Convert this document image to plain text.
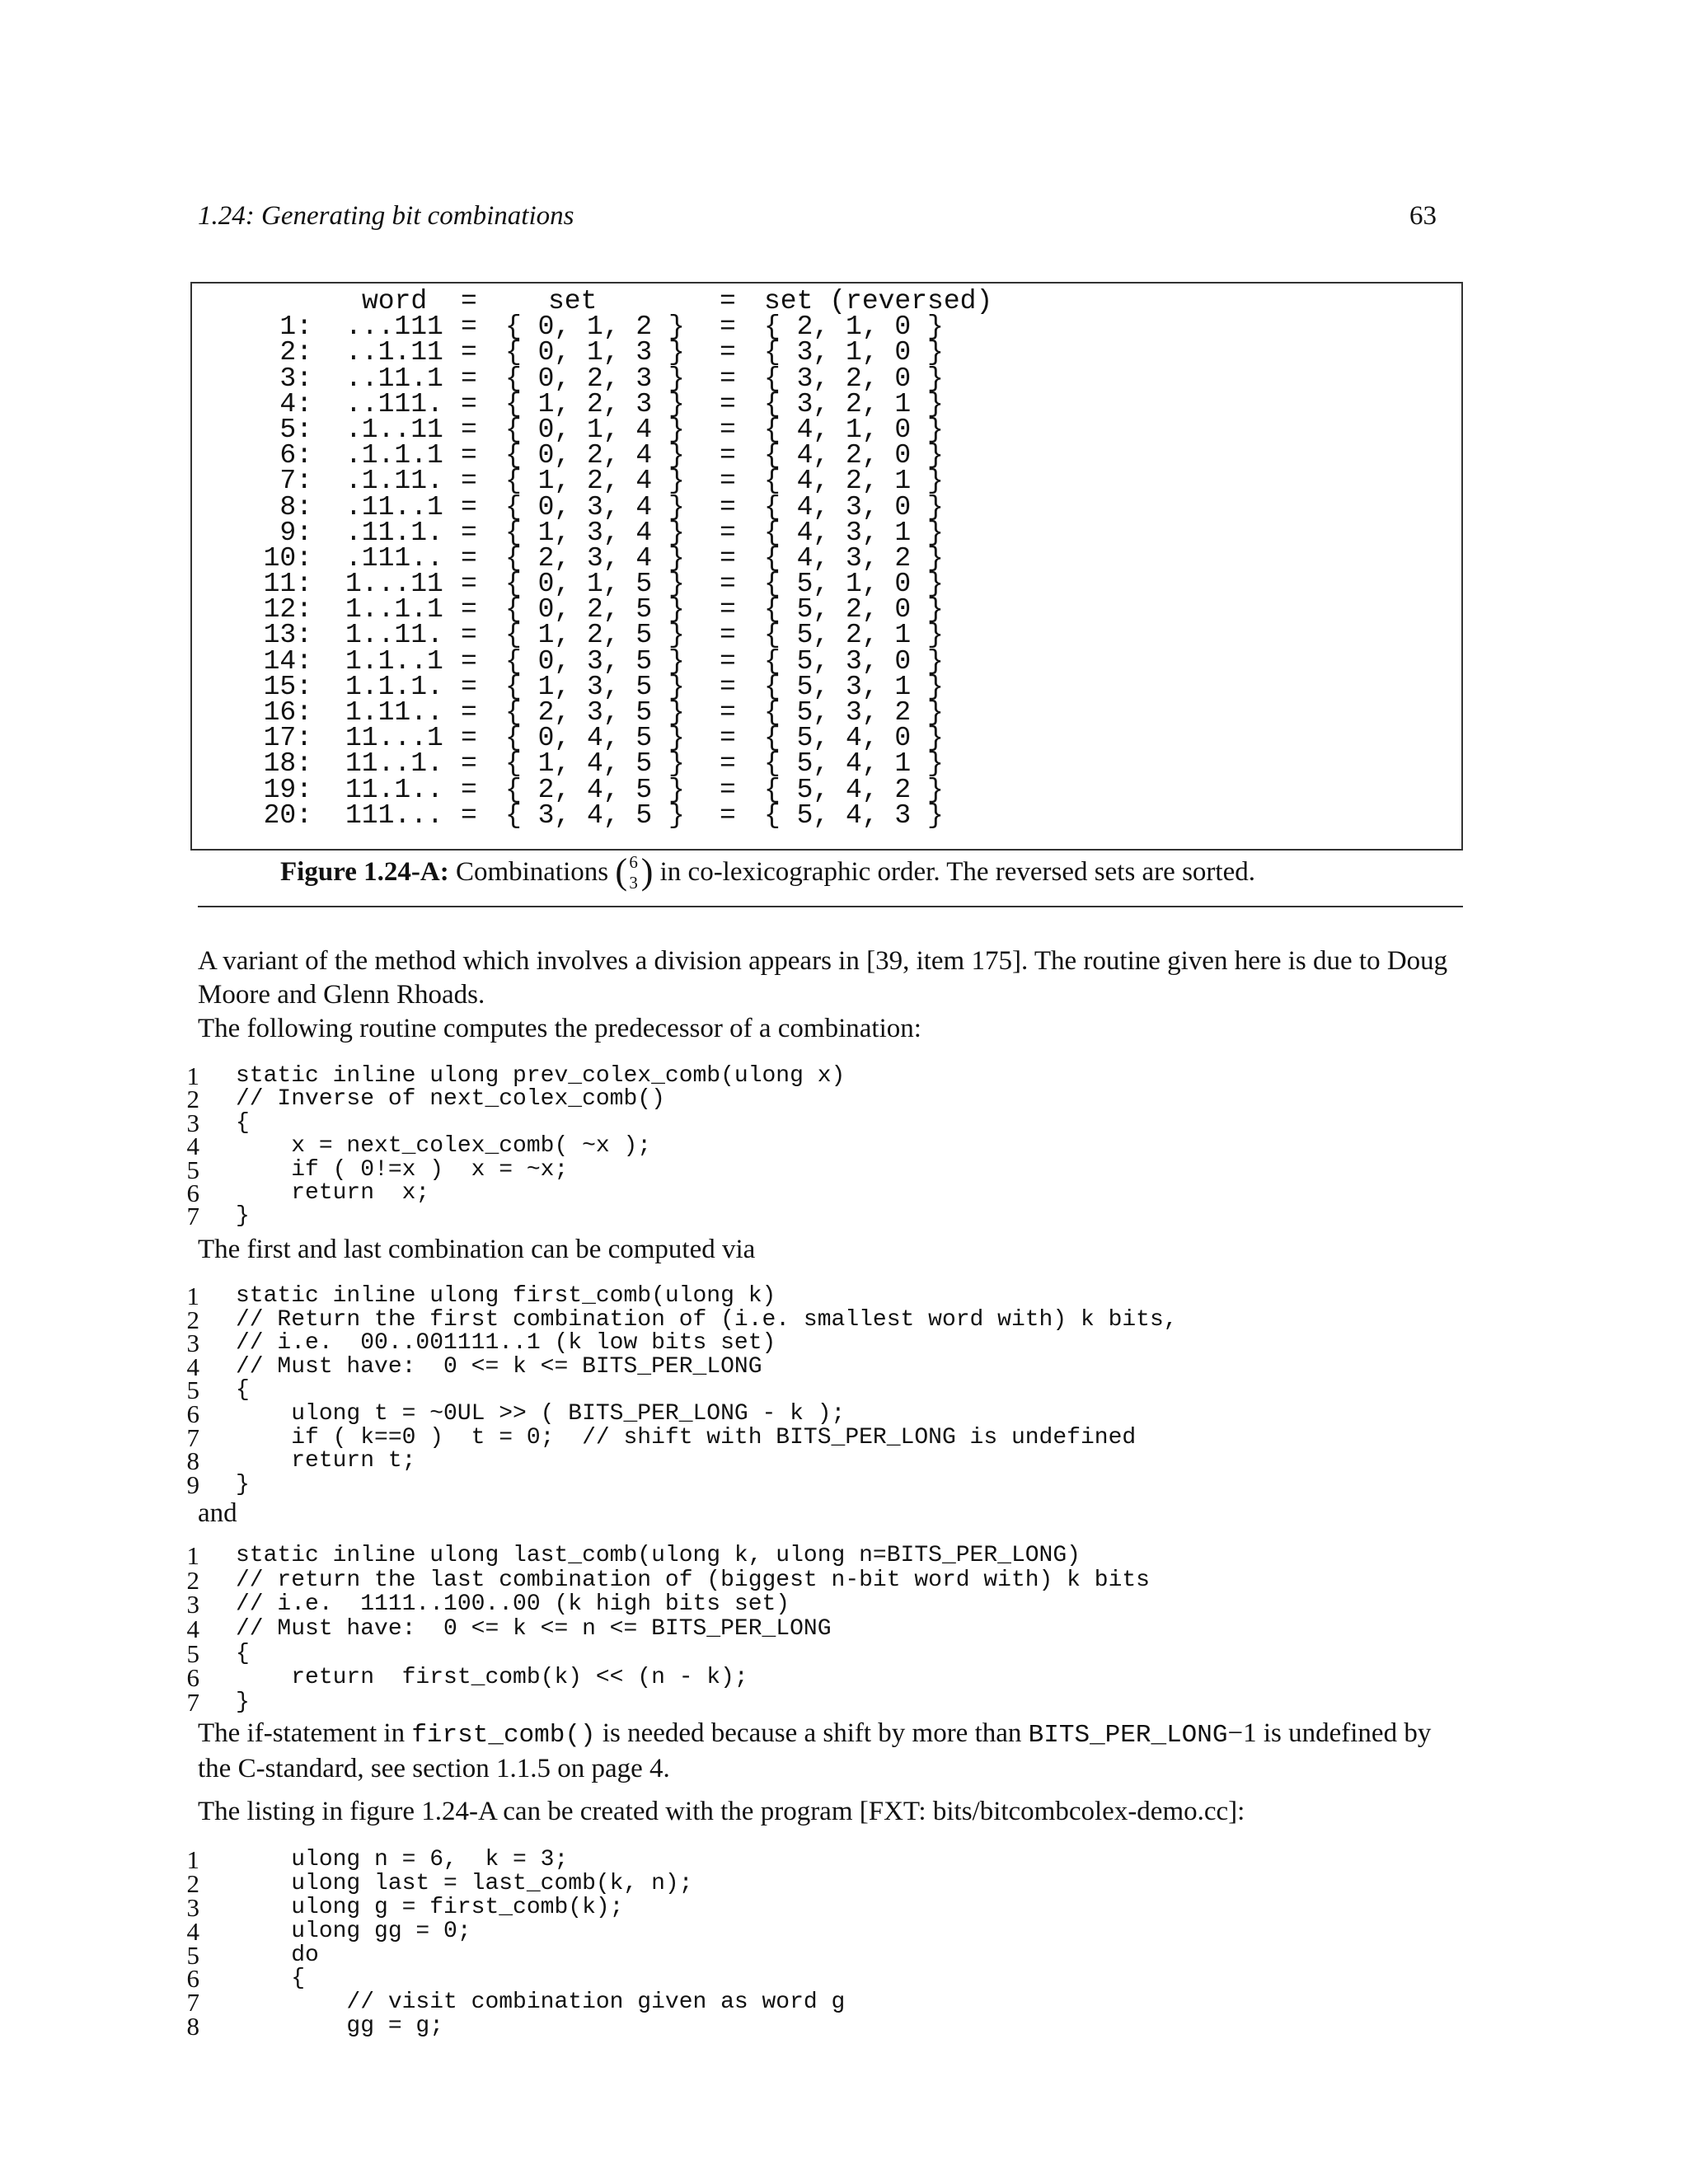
1.24: Generating bit combinations	63
word =	set	= set (reversed)
1: ...111 = { 0, 1, 2 } = { 2, 1, 0 }
2: ..1.11 = { 0, 1, 3 } = { 3, 1, 0 }
3: ..11.1 = { 0, 2, 3 } = { 3, 2, 0 }
4: ..111. = { 1, 2, 3 } = { 3, 2, 1 }
5: .1..11 = { 0, 1, 4 } = { 4, 1, 0 }
6: .1.1.1 = { 0, 2, 4 } = { 4, 2, 0 }
7: .1.11. = { 1, 2, 4 } = { 4, 2, 1 }
8: .11..1 = { 0, 3, 4 } = { 4, 3, 0 }
9: .11.1. = { 1, 3, 4 } = { 4, 3, 1 }
10: .111.. = { 2, 3, 4 } = { 4, 3, 2 }
11: 1...11 = { 0, 1, 5 } = { 5, 1, 0 }
12: 1..1.1 = { 0, 2, 5 } = { 5, 2, 0 }
13: 1..11. = { 1, 2, 5 } = { 5, 2, 1 }
14: 1.1..1 = { 0, 3, 5 } = { 5, 3, 0 }
15: 1.1.1. = { 1, 3, 5 } = { 5, 3, 1 }
16: 1.11.. = { 2, 3, 5 } = { 5, 3, 2 }
17: 11...1 = { 0, 4, 5 } = { 5, 4, 0 }
18: 11..1. = { 1, 4, 5 } = { 5, 4, 1 }
19: 11.1.. = { 2, 4, 5 } = { 5, 4, 2 }
20: 111... = { 3, 4, 5 } = { 5, 4, 3 }
Figure 1.24-A: Combinations ( 6
3 ) in co-lexicographic order. The reversed sets are sorted.
A variant of the method which involves a division appears in [39, item 175]. The routine given here is due to Doug Moore and Glenn Rhoads.
The following routine computes the predecessor of a combination:
1 static inline ulong prev_colex_comb(ulong x)
2 // Inverse of next_colex_comb()
3 {
4 x = next_colex_comb( ~x );
5 if ( 0!=x )  x = ~x;
6 return  x;
7 }
The first and last combination can be computed via
1 static inline ulong first_comb(ulong k)
2 // Return the first combination of (i.e. smallest word with) k bits,
3 // i.e.  00..001111..1 (k low bits set)
4 // Must have:  0 <= k <= BITS_PER_LONG
5 {
6 ulong t = ~0UL >> ( BITS_PER_LONG - k );
7 if ( k==0 )  t = 0;  // shift with BITS_PER_LONG is undefined
8 return t;
9 }
and
1 static inline ulong last_comb(ulong k, ulong n=BITS_PER_LONG)
2 // return the last combination of (biggest n-bit word with) k bits
3 // i.e.  1111..100..00 (k high bits set)
4 // Must have:  0 <= k <= n <= BITS_PER_LONG
5 {
6 return  first_comb(k) << (n - k);
7 }
The if-statement in first_comb() is needed because a shift by more than BITS_PER_LONG−1 is undefined by the C-standard, see section 1.1.5 on page 4.
The listing in figure 1.24-A can be created with the program [FXT: bits/bitcombcolex-demo.cc]:
1 ulong n = 6,  k = 3;
2 ulong last = last_comb(k, n);
3 ulong g = first_comb(k);
4 ulong gg = 0;
5 do
6 {
7 // visit combination given as word g
8 gg = g;
